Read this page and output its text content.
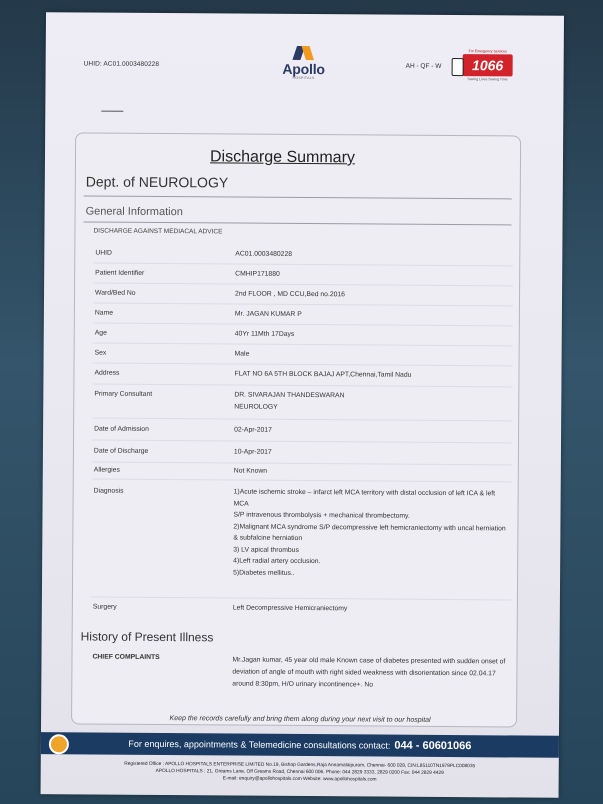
UHID: AC01.0003480228	Apollo
HOSPITALS
AH - QF - W
For Emergency Services
1066
Saving Lives Saving Time
Discharge Summary
Dept. of NEUROLOGY
General Information
DISCHARGE AGAINST MEDIACAL ADVICE
UHID	AC01.0003480228
Patient Identifier	CMHIP171880
Ward/Bed No	2nd FLOOR , MD CCU,Bed no.2016
Name	Mr. JAGAN KUMAR P
Age	40Yr 11Mth 17Days
Sex	Male
Address	FLAT NO 6A 5TH BLOCK BAJAJ APT,Chennai,Tamil Nadu
Primary Consultant	DR. SIVARAJAN THANDESWARAN
NEUROLOGY
Date of Admission	02-Apr-2017
Date of Discharge	10-Apr-2017
Allergies	Not Known
Diagnosis	1)Acute ischemic stroke – infarct left MCA territory with distal occlusion of left ICA & left MCA
S/P intravenous thrombolysis + mechanical thrombectomy.
2)Malignant MCA syndrome S/P decompressive left hemicraniectomy with uncal herniation & subfalcine herniation
3) LV apical thrombus
4)Left radial artery occlusion.
5)Diabetes mellitus..
Surgery	Left Decompressive Hemicraniectomy
History of Present Illness
CHIEF COMPLAINTS	Mr.Jagan kumar, 45 year old male Known case of diabetes presented with sudden onset of deviation of angle of mouth with right sided weakness with disorientation since 02.04.17 around 8:30pm, H/O urinary incontinence+. No
Keep the records carefully and bring them along during your next visit to our hospital
For enquires, appointments & Telemedicine consultations contact: 044 - 60601066
Registered Office : APOLLO HOSPITALS ENTERPRISE LIMITED No.19, Bishop Gardens,Raja Annamalaipuram, Chennai- 600 028, CIN:L85110TN1979PLC008035
APOLLO HOSPITALS : 21, Greams Lane, Off Greams Road, Chennai 600 006. Phone: 044 2829 3333, 2829 0200 Fax: 044 2829 4429
E-mail: enquiry@apollohospitals.com Website: www.apollohospitals.com
